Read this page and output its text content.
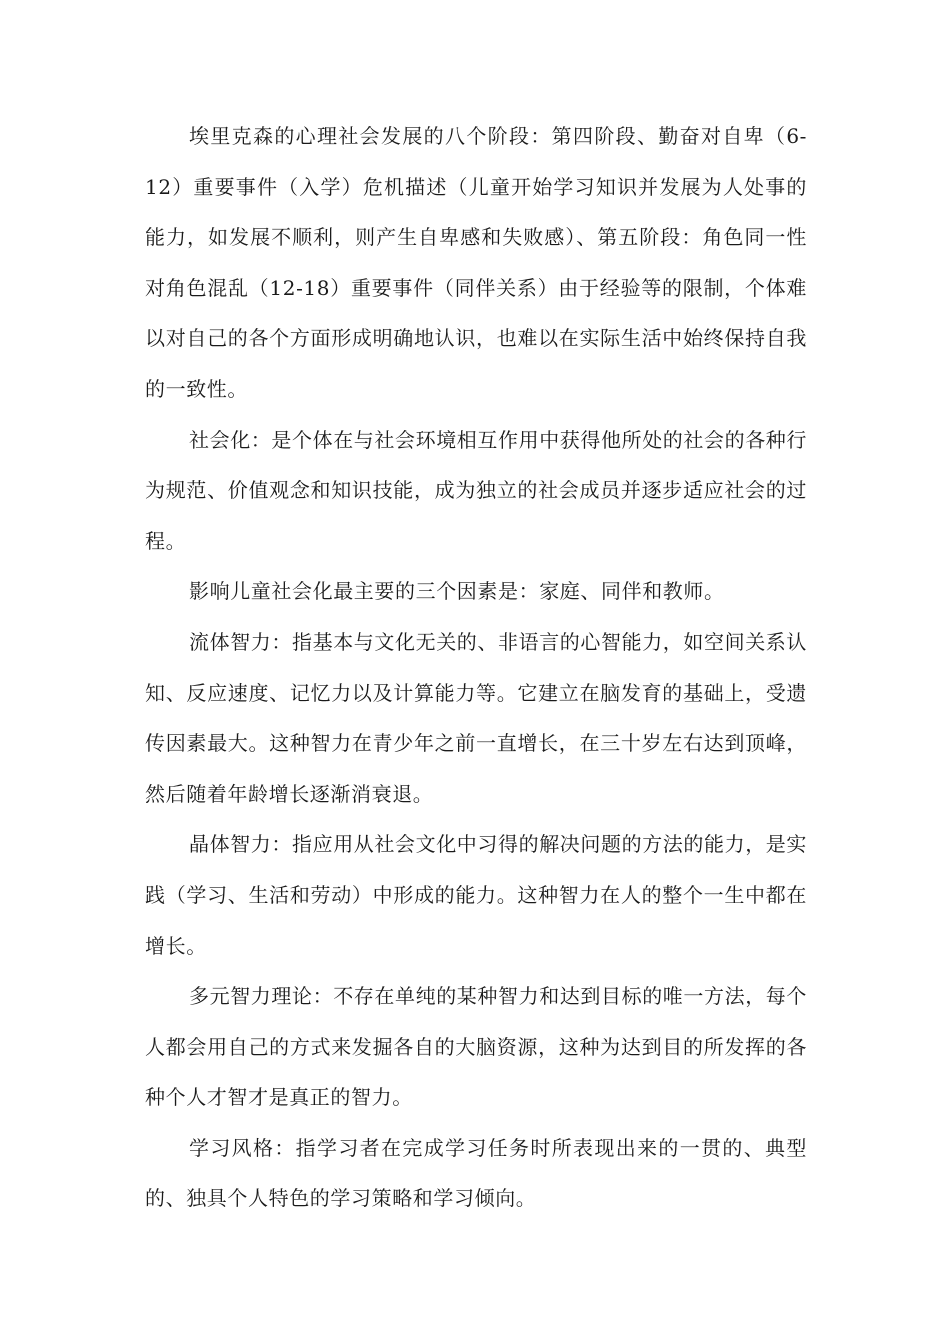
埃里克森的心理社会发展的八个阶段：第四阶段、勤奋对自卑（6-12）重要事件（入学）危机描述（儿童开始学习知识并发展为人处事的能力，如发展不顺利，则产生自卑感和失败感）、第五阶段：角色同一性对角色混乱（12-18）重要事件（同伴关系）由于经验等的限制，个体难以对自己的各个方面形成明确地认识，也难以在实际生活中始终保持自我的一致性。

社会化：是个体在与社会环境相互作用中获得他所处的社会的各种行为规范、价值观念和知识技能，成为独立的社会成员并逐步适应社会的过程。

影响儿童社会化最主要的三个因素是：家庭、同伴和教师。

流体智力：指基本与文化无关的、非语言的心智能力，如空间关系认知、反应速度、记忆力以及计算能力等。它建立在脑发育的基础上，受遗传因素最大。这种智力在青少年之前一直增长，在三十岁左右达到顶峰，然后随着年龄增长逐渐消衰退。

晶体智力：指应用从社会文化中习得的解决问题的方法的能力，是实践（学习、生活和劳动）中形成的能力。这种智力在人的整个一生中都在增长。

多元智力理论：不存在单纯的某种智力和达到目标的唯一方法，每个人都会用自己的方式来发掘各自的大脑资源，这种为达到目的所发挥的各种个人才智才是真正的智力。

学习风格：指学习者在完成学习任务时所表现出来的一贯的、典型的、独具个人特色的学习策略和学习倾向。
